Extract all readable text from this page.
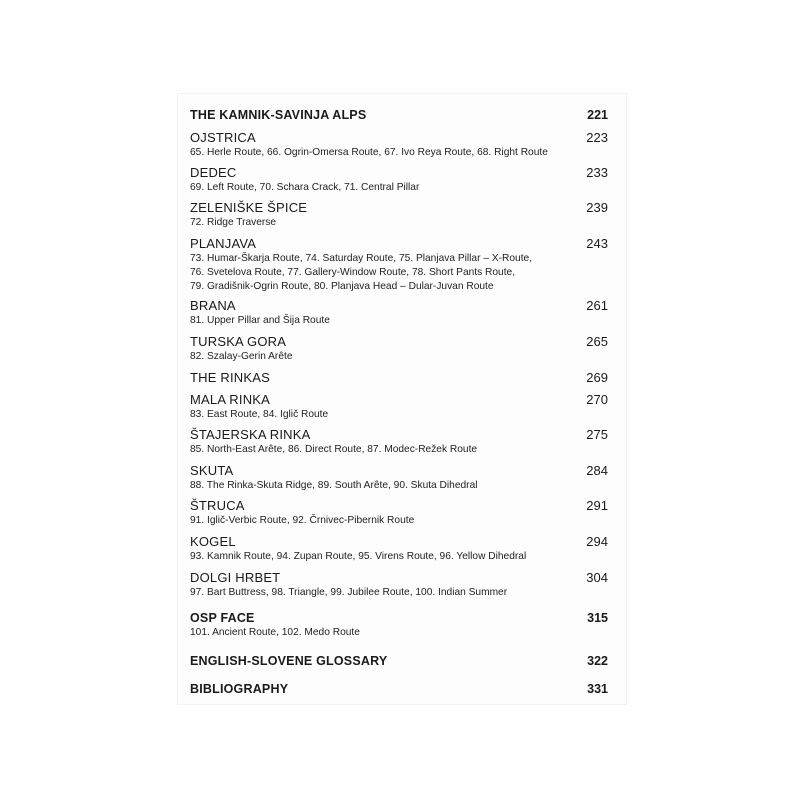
THE KAMNIK-SAVINJA ALPS	221
OJSTRICA	223
65. Herle Route, 66. Ogrin-Omersa Route, 67. Ivo Reya Route, 68. Right Route
DEDEC	233
69. Left Route, 70. Schara Crack, 71. Central Pillar
ZELENIŠKE ŠPICE	239
72. Ridge Traverse
PLANJAVA	243
73. Humar-Škarja Route, 74. Saturday Route, 75. Planjava Pillar – X-Route,
76. Svetelova Route, 77. Gallery-Window Route, 78. Short Pants Route,
79. Gradišnik-Ogrin Route, 80. Planjava Head – Dular-Juvan Route
BRANA	261
81. Upper Pillar and Šija Route
TURSKA GORA	265
82. Szalay-Gerin Arête
THE RINKAS	269
MALA RINKA	270
83. East Route, 84. Iglič Route
ŠTAJERSKA RINKA	275
85. North-East Arête, 86. Direct Route, 87. Modec-Režek Route
SKUTA	284
88. The Rinka-Skuta Ridge, 89. South Arête, 90. Skuta Dihedral
ŠTRUCA	291
91. Iglič-Verbic Route, 92. Črnivec-Pibernik Route
KOGEL	294
93. Kamnik Route, 94. Zupan Route, 95. Virens Route, 96. Yellow Dihedral
DOLGI HRBET	304
97. Bart Buttress, 98. Triangle, 99. Jubilee Route, 100. Indian Summer
OSP FACE	315
101. Ancient Route, 102. Medo Route
ENGLISH-SLOVENE GLOSSARY	322
BIBLIOGRAPHY	331
